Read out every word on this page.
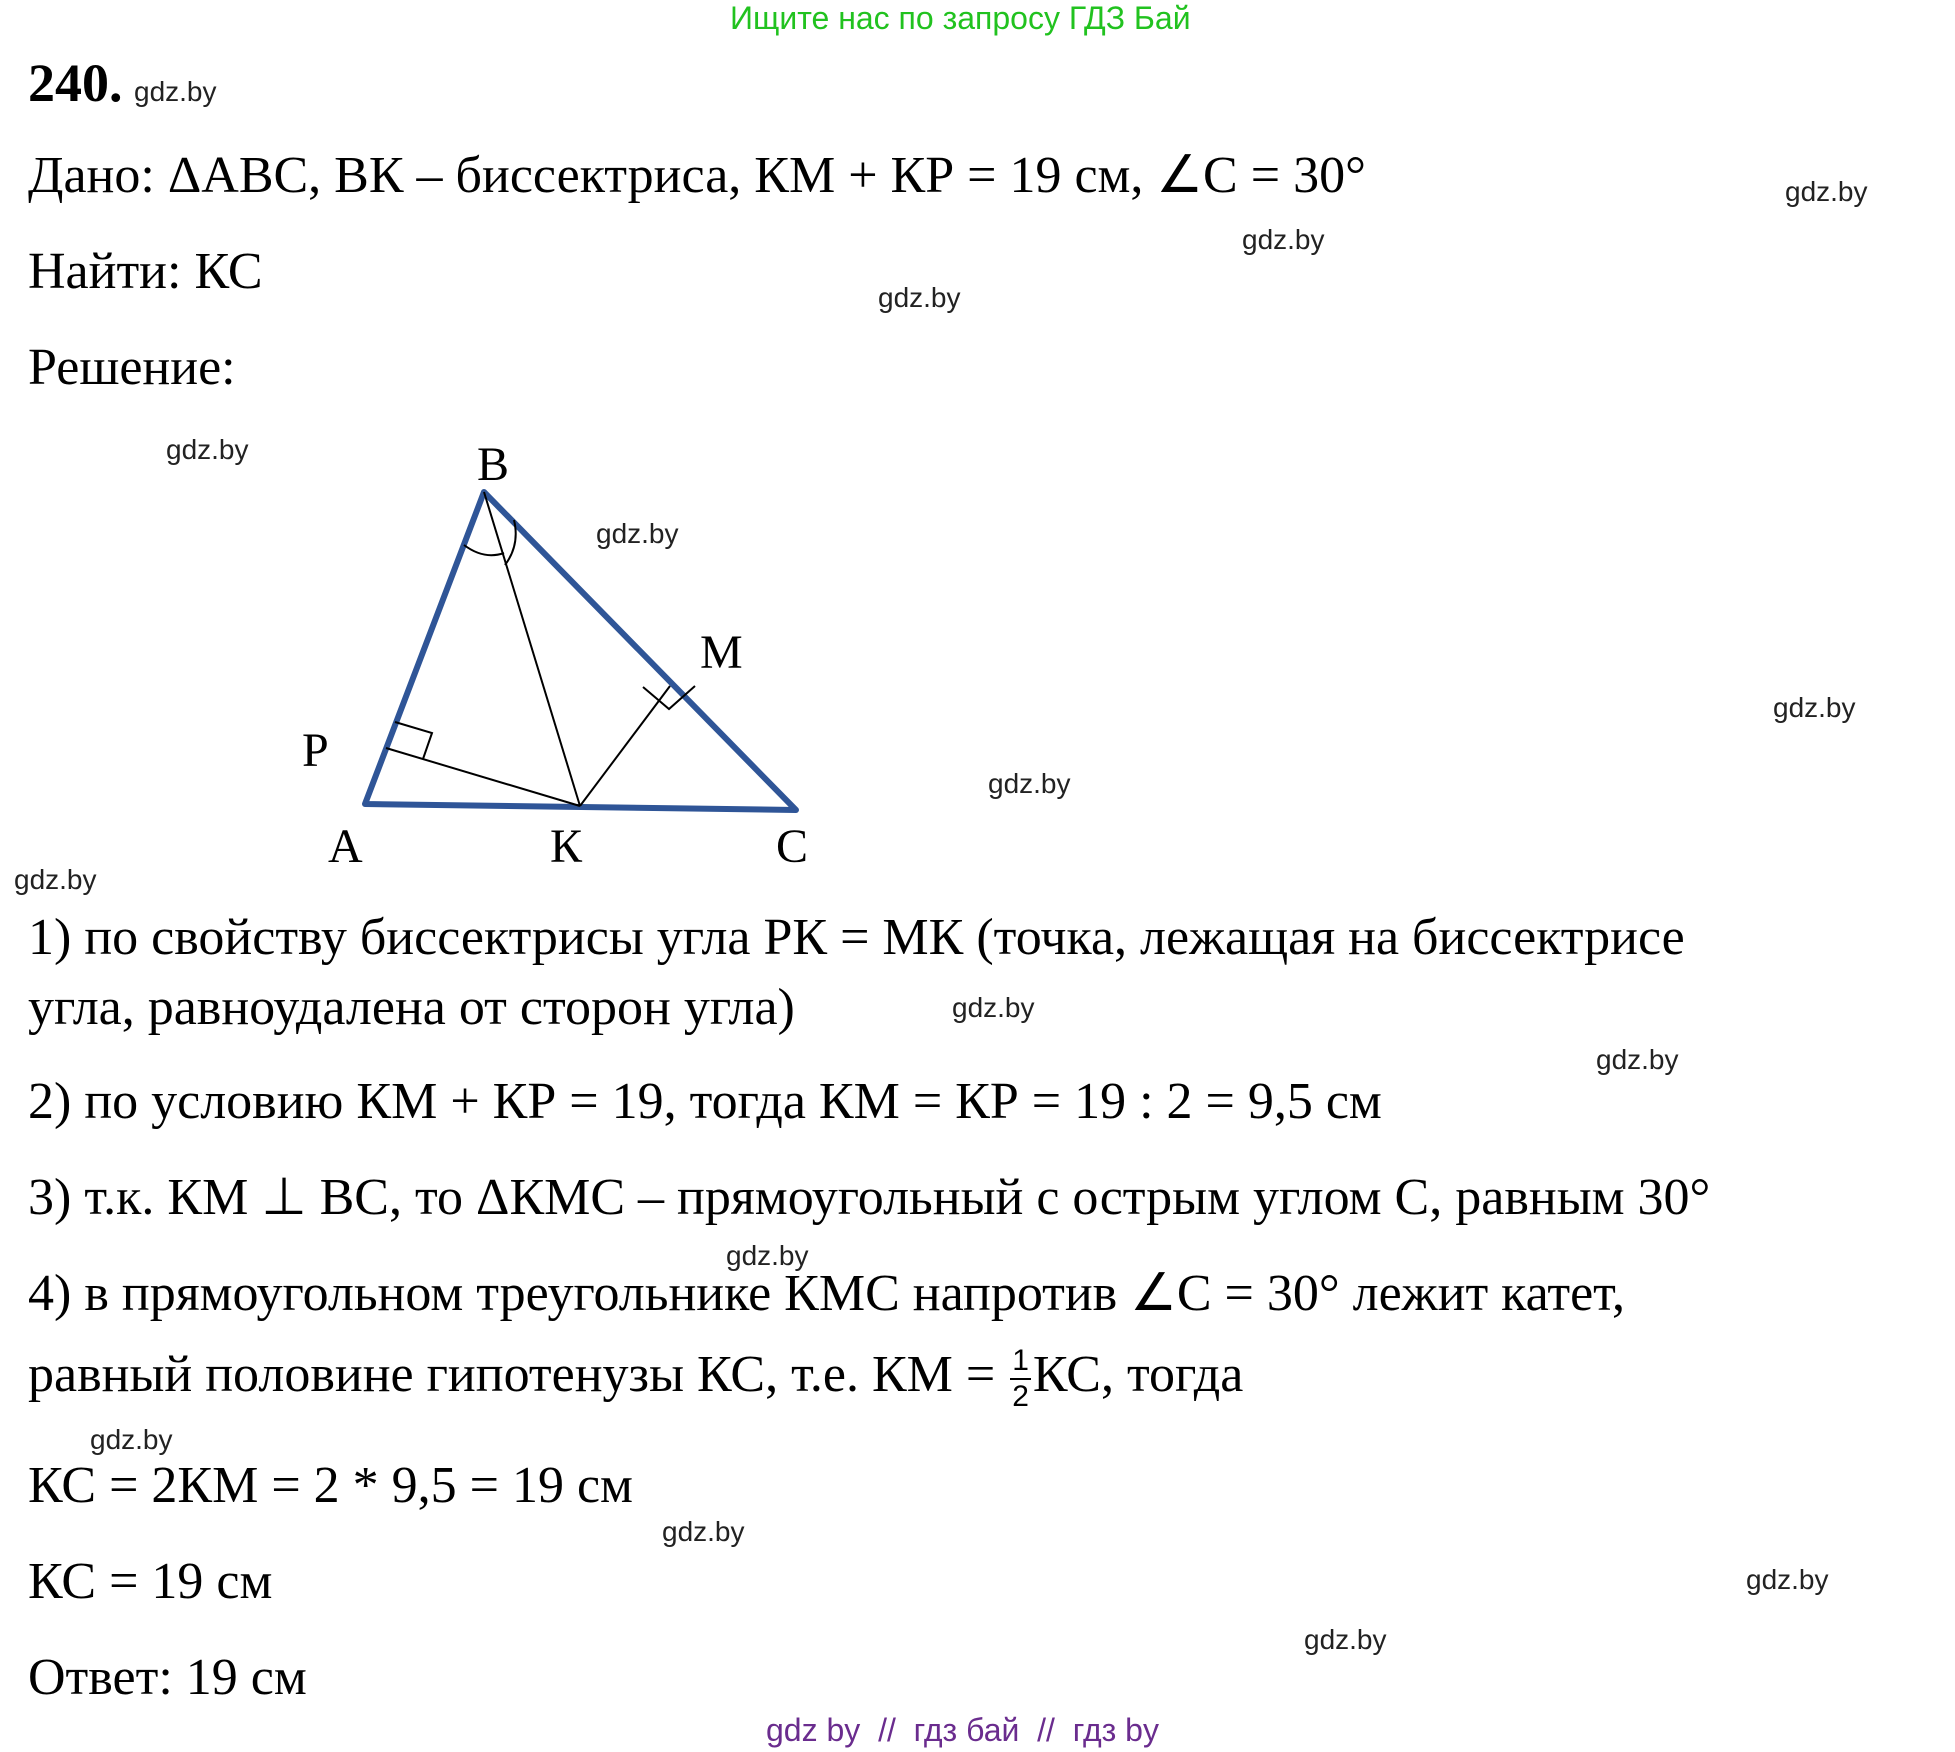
Ищите нас по запросу ГДЗ Бай
240. gdz.by
Дано: ΔАВС, ВК – биссектриса, КМ + КР = 19 см, ∠С = 30°
Найти: КС
Решение:
gdz.by
gdz.by
gdz.by
gdz.by
gdz.by
gdz.by
gdz.by
gdz.by
gdz.by
gdz.by
gdz.by
gdz.by
gdz.by
gdz.by
gdz.by
B
M
P
A	К	C
1) по свойству биссектрисы угла РК = МК (точка, лежащая на биссектрисе
угла, равноудалена от сторон угла)
2) по условию КМ + КР = 19, тогда КМ = КР = 19 : 2 = 9,5 см
3) т.к. КМ ⊥ ВС, то ΔКМС – прямоугольный с острым углом С, равным 30°
4) в прямоугольном треугольнике КМС напротив ∠С = 30° лежит катет,
равный половине гипотенузы КС, т.е. КМ = $\frac{1}{2}$ КС, тогда
КС = 2КМ = 2 * 9,5 = 19 см
КС = 19 см
Ответ: 19 см
gdz by  //  гдз бай  //  гдз by
